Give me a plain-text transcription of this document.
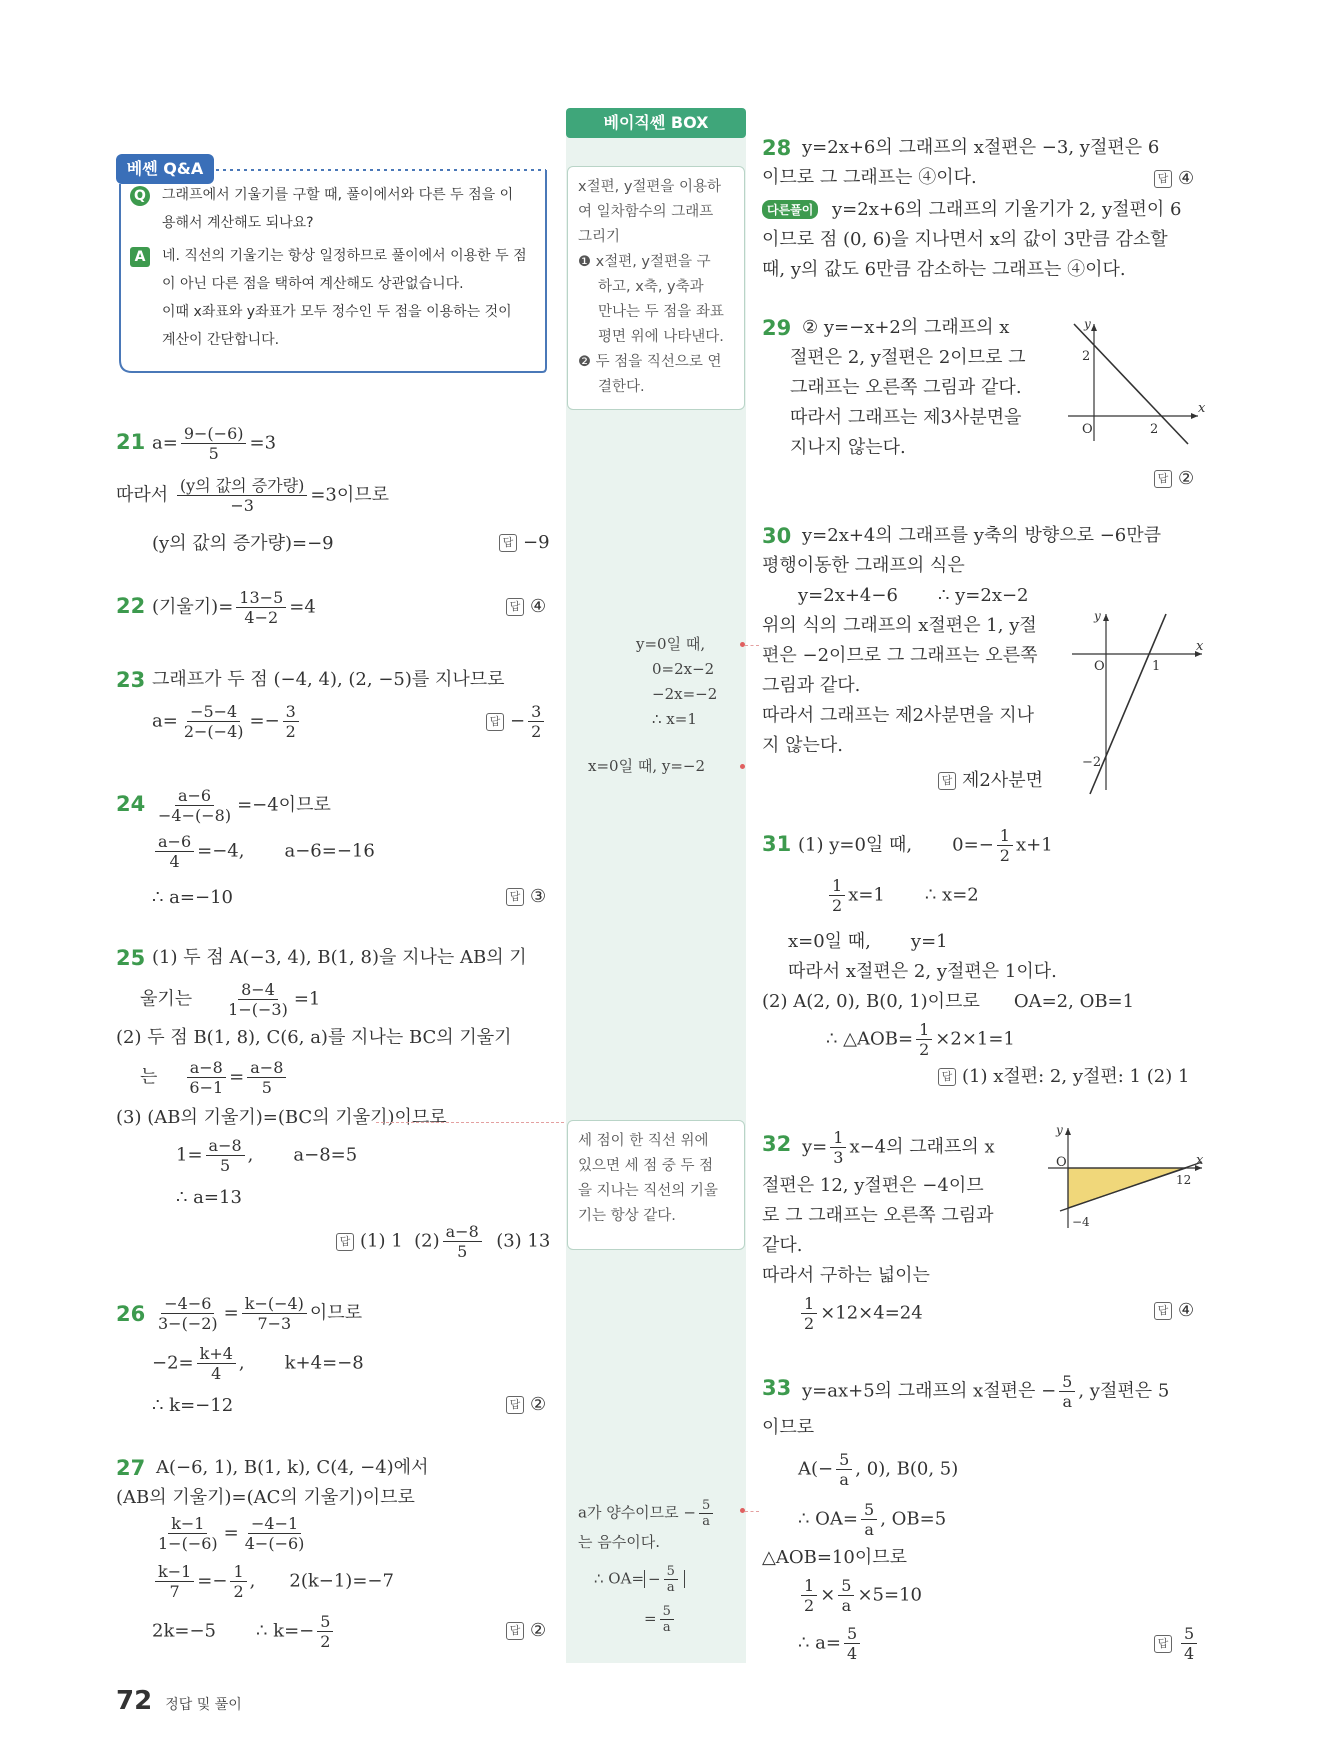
베쎈 Q&A
Q 그래프에서 기울기를 구할 때, 풀이에서와 다른 두 점을 이
용해서 계산해도 되나요?
A	네. 직선의 기울기는 항상 일정하므로 풀이에서 이용한 두 점
이 아닌 다른 점을 택하여 계산해도 상관없습니다.
이때 x좌표와 y좌표가 모두 정수인 두 점을 이용하는 것이
계산이 간단합니다.
21 $a= \frac{9-(-6)}{5} =3$
따라서 $\frac{\text{(y의 값의 증가량)}}{-3} =3$이므로
(y의 값의 증가량)=−9	답 −9
22 (기울기)= $\frac{13-5}{4-2} =4$	답 ④
23 그래프가 두 점 (−4, 4), (2, −5)를 지나므로
$a= \frac{-5-4}{2-(-4)} =- \frac{3}{2}$	답 − $\frac{3}{2}$
$24 \frac{a-6}{-4-(-8)} =-4$이므로
$\frac{a-6}{4} =-4$, a−6=−16
∴ a=−10	답 ③
25 (1) 두 점 A(−3, 4), B(1, 8)을 지나는 AB의 기
울기는 $\frac{8-4}{1-(-3)} =1$
(2) 두 점 B(1, 8), C(6, a)를 지나는 BC의 기울기
는 $\frac{a-8}{6-1} = \frac{a-8}{5}$
(3) (AB의 기울기)=(BC의 기울기)이므로
$1= \frac{a-8}{5}$ , a−8=5
∴ a=13
답 (1) 1 $(2) \frac{a-8}{5} (3)$ 13
$26 \frac{-4-6}{3-(-2)} = \frac{k-(-4)}{7-3}$ 이므로
$-2= \frac{k+4}{4}$ , k+4=−8
∴ k=−12	답 ②
27 A(−6, 1), B(1, k), C(4, −4)에서
(AB의 기울기)=(AC의 기울기)이므로
$\frac{k-1}{1-(-6)} = \frac{-4-1}{4-(-6)}$
$\frac{k-1}{7} =- \frac{1}{2}$ , 2(k−1)=−7
2k=−5 ∴ $k=- \frac{5}{2}$	답 ②
베이직쎈 BOX
x절편, y절편을 이용하
여 일차함수의 그래프
그리기
❶ x절편, y절편을 구
하고, x축, y축과
만나는 두 점을 좌표
평면 위에 나타낸다.
❷ 두 점을 직선으로 연
결한다.
y=0일 때,
0=2x−2
−2x=−2
∴ x=1
x=0일 때, y=−2
세 점이 한 직선 위에
있으면 세 점 중 두 점
을 지나는 직선의 기울
기는 항상 같다.
a가 양수이므로 − $\frac{5}{a}$
는 음수이다.
∴ $OA= - \frac{5}{a}$
= $\frac{5}{a}$
28 y=2x+6의 그래프의 x절편은 −3, y절편은 6
이므로 그 그래프는 ④이다.	답 ④
다른풀이 y=2x+6의 그래프의 기울기가 2, y절편이 6
이므로 점 (0, 6)을 지나면서 x의 값이 3만큼 감소할
때, y의 값도 6만큼 감소하는 그래프는 ④이다.
29 ② y=−x+2의 그래프의 x
절편은 2, y절편은 2이므로 그
그래프는 오른쪽 그림과 같다.
따라서 그래프는 제3사분면을
지나지 않는다.
답 ②
y
x
O
2
2
30 y=2x+4의 그래프를 y축의 방향으로 −6만큼
평행이동한 그래프의 식은
y=2x+4−6 ∴ y=2x−2
위의 식의 그래프의 x절편은 1, y절
편은 −2이므로 그 그래프는 오른쪽
그림과 같다.
따라서 그래프는 제2사분면을 지나
지 않는다.
답 제2사분면
y
x
O	1
−2
31 (1) y=0일 때, $0=- \frac{1}{2} x+1$
$\frac{1}{2} x=1$ ∴ x=2
x=0일 때, y=1
따라서 x절편은 2, y절편은 1이다.
(2) A(2, 0), B(0, 1)이므로 OA=2, OB=1
∴ △AOB= $\frac{1}{2} \times 2\times 1=1$
답 (1) x절편: 2, y절편: 1 (2) 1
32 $y= \frac{1}{3} x-4$의 그래프의 x
절편은 12, y절편은 −4이므
로 그 그래프는 오른쪽 그림과
같다.
따라서 구하는 넓이는
$\frac{1}{2} \times 12\times 4=24$	답 ④
y
x
O
12
−4
33 y=ax+5의 그래프의 x절편은 − $\frac{5}{a}$ , y절편은 5
이므로
$A(- \frac{5}{a}$ , 0), B(0, 5)
∴ $OA= \frac{5}{a}$ , OB=5
△AOB=10이므로
$\frac{1}{2} \times \frac{5}{a} \times 5=10$
∴ $a= \frac{5}{4}$	답 $\frac{5}{4}$
72 정답 및 풀이
